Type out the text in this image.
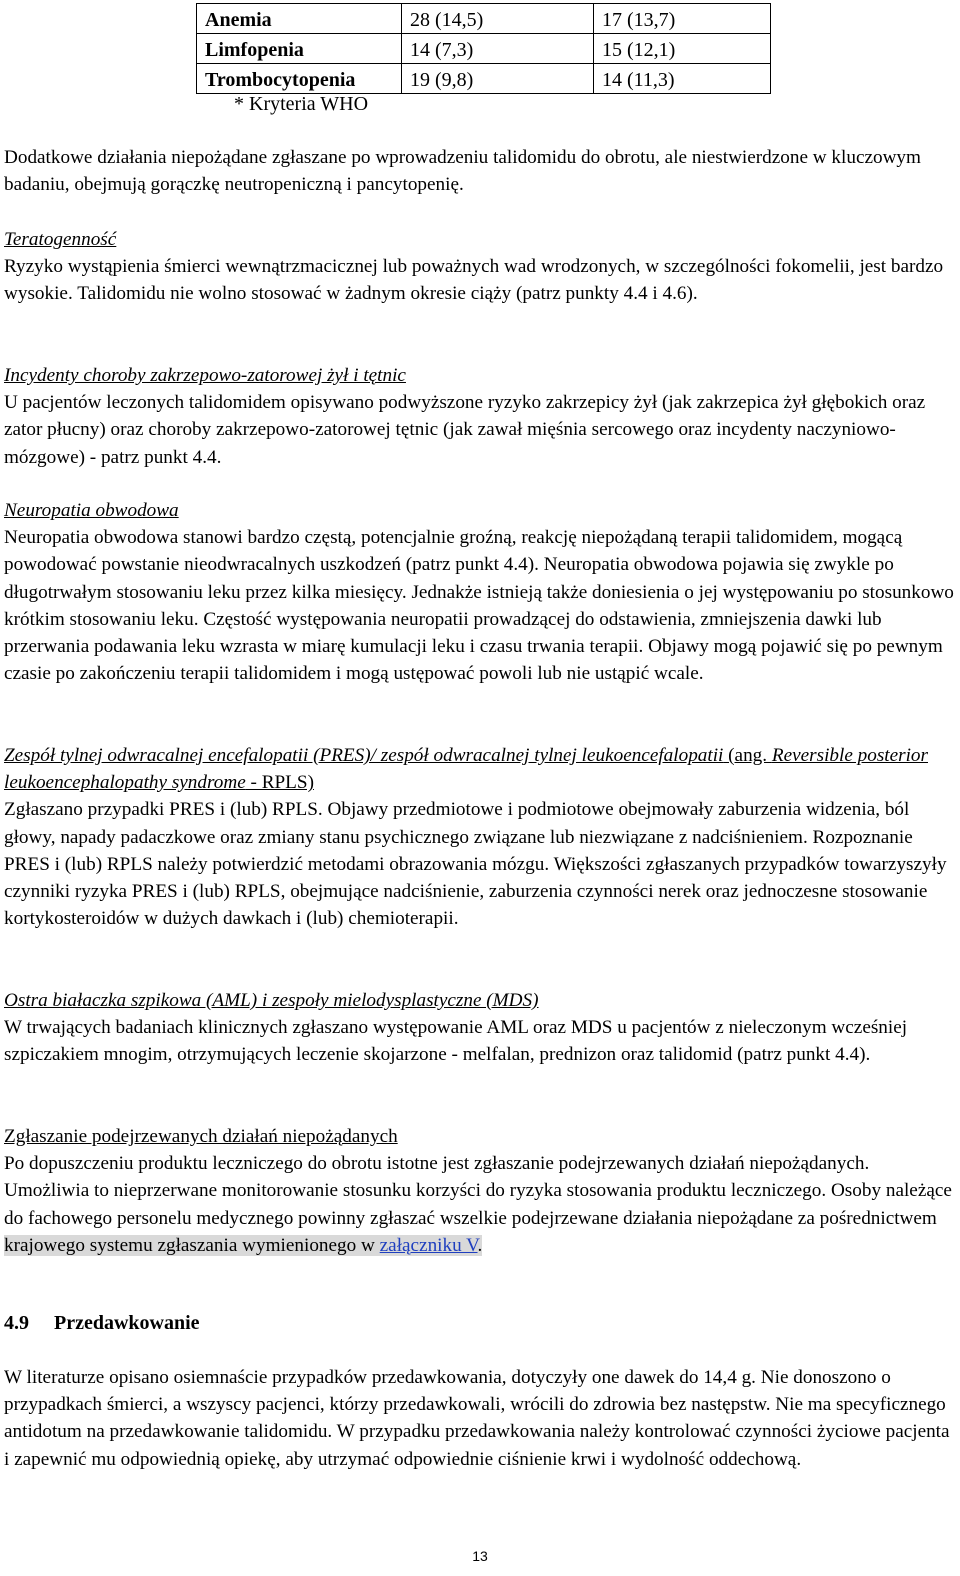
Anemia	28 (14,5)	17 (13,7)
Limfopenia	14 (7,3)	15 (12,1)
Trombocytopenia	19 (9,8)	14 (11,3)
* Kryteria WHO

Dodatkowe działania niepożądane zgłaszane po wprowadzeniu talidomidu do obrotu, ale niestwierdzone w kluczowym badaniu, obejmują gorączkę neutropeniczną i pancytopenię.

Teratogenność

Ryzyko wystąpienia śmierci wewnątrzmacicznej lub poważnych wad wrodzonych, w szczególności fokomelii, jest bardzo wysokie. Talidomidu nie wolno stosować w żadnym okresie ciąży (patrz punkty 4.4 i 4.6).

Incydenty choroby zakrzepowo-zatorowej żył i tętnic

U pacjentów leczonych talidomidem opisywano podwyższone ryzyko zakrzepicy żył (jak zakrzepica żył głębokich oraz zator płucny) oraz choroby zakrzepowo-zatorowej tętnic (jak zawał mięśnia sercowego oraz incydenty naczyniowo-mózgowe) - patrz punkt 4.4.

Neuropatia obwodowa

Neuropatia obwodowa stanowi bardzo częstą, potencjalnie groźną, reakcję niepożądaną terapii talidomidem, mogącą powodować powstanie nieodwracalnych uszkodzeń (patrz punkt 4.4). Neuropatia obwodowa pojawia się zwykle po długotrwałym stosowaniu leku przez kilka miesięcy. Jednakże istnieją także doniesienia o jej występowaniu po stosunkowo krótkim stosowaniu leku. Częstość występowania neuropatii prowadzącej do odstawienia, zmniejszenia dawki lub przerwania podawania leku wzrasta w miarę kumulacji leku i czasu trwania terapii. Objawy mogą pojawić się po pewnym czasie po zakończeniu terapii talidomidem i mogą ustępować powoli lub nie ustąpić wcale.

Zespół tylnej odwracalnej encefalopatii (PRES)/ zespół odwracalnej tylnej leukoencefalopatii (ang. Reversible posterior leukoencephalopathy syndrome - RPLS)

Zgłaszano przypadki PRES i (lub) RPLS. Objawy przedmiotowe i podmiotowe obejmowały zaburzenia widzenia, ból głowy, napady padaczkowe oraz zmiany stanu psychicznego związane lub niezwiązane z nadciśnieniem. Rozpoznanie PRES i (lub) RPLS należy potwierdzić metodami obrazowania mózgu. Większości zgłaszanych przypadków towarzyszyły czynniki ryzyka PRES i (lub) RPLS, obejmujące nadciśnienie, zaburzenia czynności nerek oraz jednoczesne stosowanie kortykosteroidów w dużych dawkach i (lub) chemioterapii.

Ostra białaczka szpikowa (AML) i zespoły mielodysplastyczne (MDS)

W trwających badaniach klinicznych zgłaszano występowanie AML oraz MDS u pacjentów z nieleczonym wcześniej szpiczakiem mnogim, otrzymujących leczenie skojarzone - melfalan, prednizon oraz talidomid (patrz punkt 4.4).

Zgłaszanie podejrzewanych działań niepożądanych

Po dopuszczeniu produktu leczniczego do obrotu istotne jest zgłaszanie podejrzewanych działań niepożądanych. Umożliwia to nieprzerwane monitorowanie stosunku korzyści do ryzyka stosowania produktu leczniczego. Osoby należące do fachowego personelu medycznego powinny zgłaszać wszelkie podejrzewane działania niepożądane za pośrednictwem krajowego systemu zgłaszania wymienionego w załączniku V.

4.9 Przedawkowanie

W literaturze opisano osiemnaście przypadków przedawkowania, dotyczyły one dawek do 14,4 g. Nie donoszono o przypadkach śmierci, a wszyscy pacjenci, którzy przedawkowali, wrócili do zdrowia bez następstw. Nie ma specyficznego antidotum na przedawkowanie talidomidu. W przypadku przedawkowania należy kontrolować czynności życiowe pacjenta i zapewnić mu odpowiednią opiekę, aby utrzymać odpowiednie ciśnienie krwi i wydolność oddechową.

13
